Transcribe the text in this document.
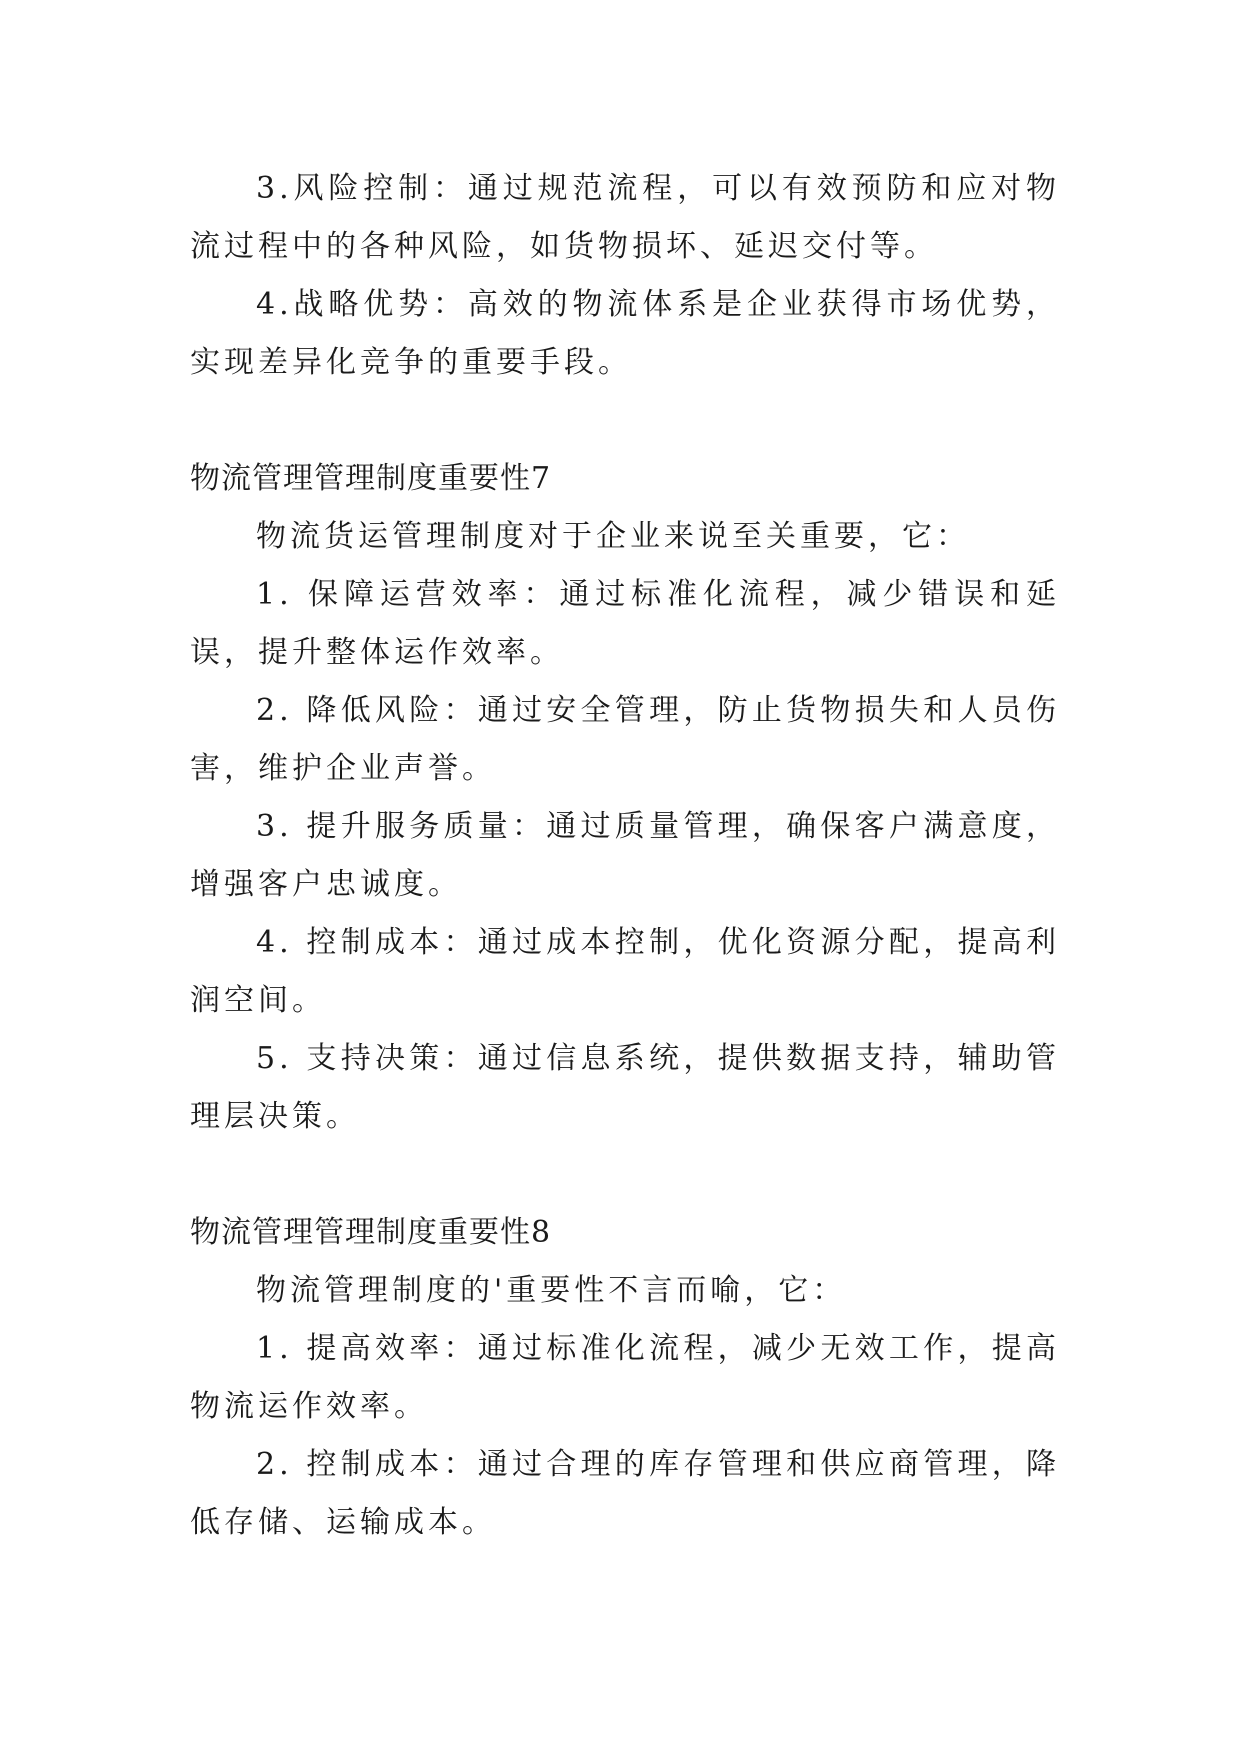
3.风险控制：通过规范流程，可以有效预防和应对物流过程中的各种风险，如货物损坏、延迟交付等。

4.战略优势：高效的物流体系是企业获得市场优势，实现差异化竞争的重要手段。

物流管理管理制度重要性7

物流货运管理制度对于企业来说至关重要，它：

1. 保障运营效率：通过标准化流程，减少错误和延误，提升整体运作效率。

2. 降低风险：通过安全管理，防止货物损失和人员伤害，维护企业声誉。

3. 提升服务质量：通过质量管理，确保客户满意度，增强客户忠诚度。

4. 控制成本：通过成本控制，优化资源分配，提高利润空间。

5. 支持决策：通过信息系统，提供数据支持，辅助管理层决策。

物流管理管理制度重要性8

物流管理制度的'重要性不言而喻，它：

1. 提高效率：通过标准化流程，减少无效工作，提高物流运作效率。

2. 控制成本：通过合理的库存管理和供应商管理，降低存储、运输成本。
